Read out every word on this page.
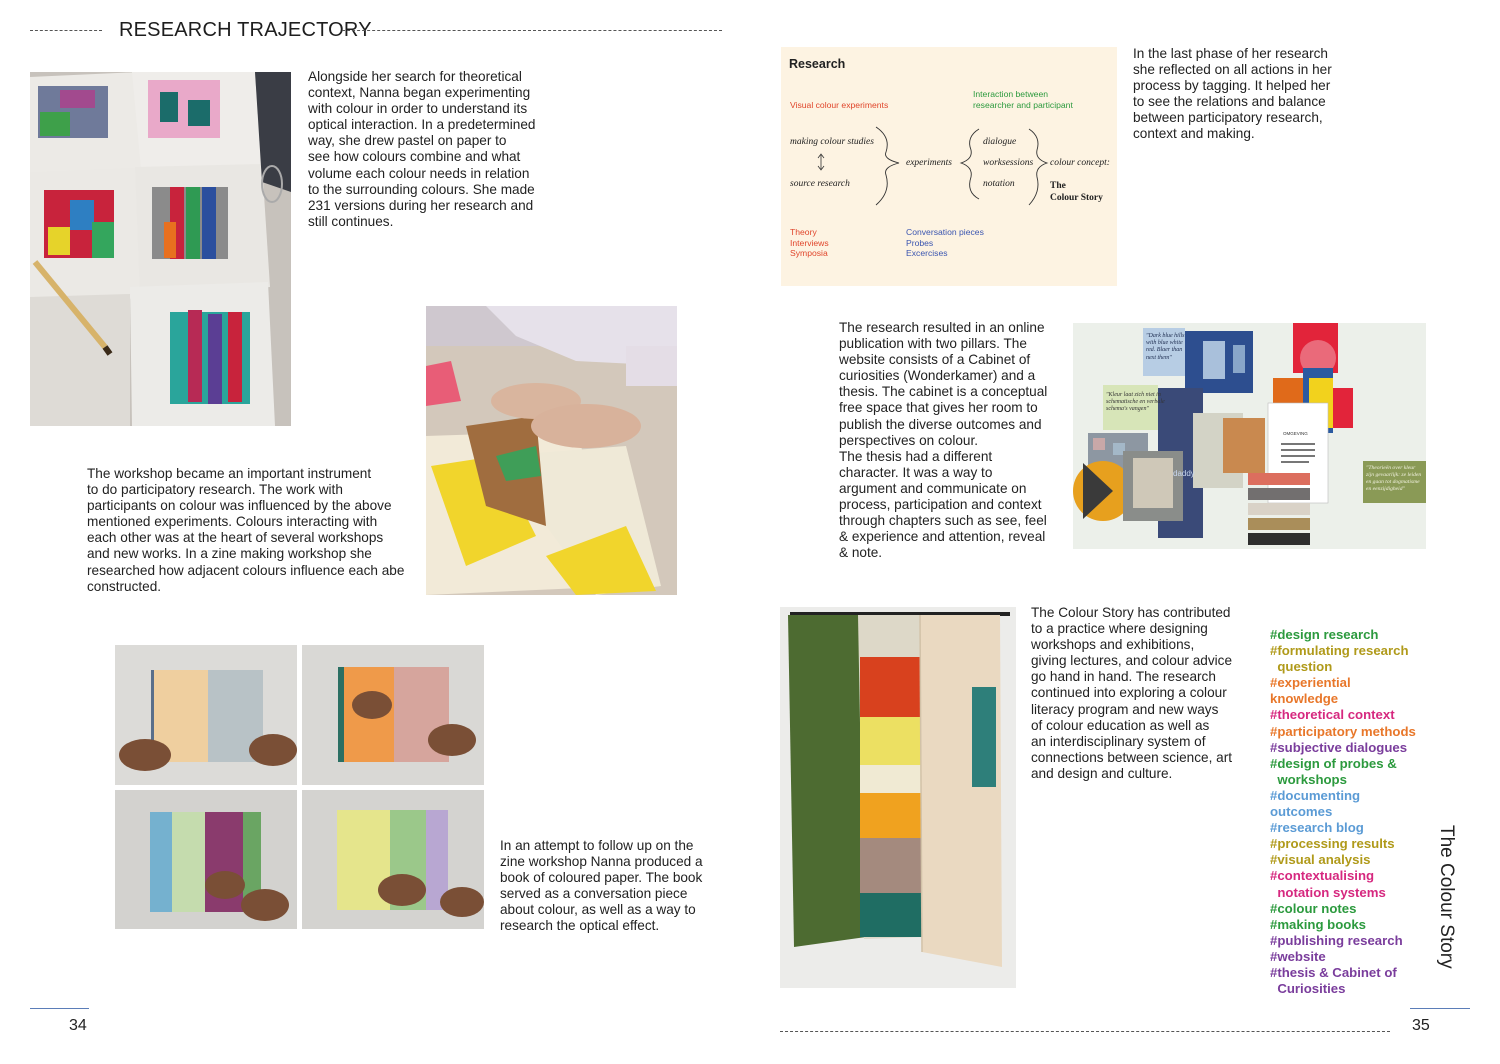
RESEARCH TRAJECTORY
Alongside her search for theoretical
context, Nanna began experimenting
with colour in order to understand its
optical interaction. In a predetermined
way, she drew pastel on paper to
see how colours combine and what
volume each colour needs in relation
to the surrounding colours. She made
231 versions during her research and
still continues.
The workshop became an important instrument
to do participatory research. The work with
participants on colour was influenced by the above
mentioned experiments. Colours interacting with
each other was at the heart of several workshops
and new works. In a zine making workshop she
researched how adjacent colours influence each abe
constructed.
In an attempt to follow up on the
zine workshop Nanna produced a
book of coloured paper. The book
served as a conversation piece
about colour, as well as a way to
research the optical effect.
34
Research
Visual colour experiments
Interaction between
researcher and participant
making colour studies
source research
experiments
dialogue
worksessions
notation
colour concept:
The
Colour Story
Theory
Interviews
Symposia
Conversation pieces
Probes
Excercises
In the last phase of her research
she reflected on all actions in her
process by tagging. It helped her
to see the relations and balance
between participatory research,
context and making.
The research resulted in an online
publication with two pillars. The
website consists of a Cabinet of
curiosities (Wonderkamer) and a
thesis. The cabinet is a conceptual
free space that gives her room to
publish the diverse outcomes and
perspectives on colour.
The thesis had a different
character. It was a way to
argument and communicate on
process, participation and context
through chapters such as see, feel
& experience and attention, reveal
& note.
"Dark blue hills
with blue white
red. Blaer than
next them"
"Kleur laat zich niet in
schematische en verbale
schema's vangen"
"Theorieën over kleur
zijn gevaarlijk: ze leiden
en gaan tot dogmatisme
en eenzijdigheid"
daddy
OMGEVING
The Colour Story has contributed
to a practice where designing
workshops and exhibitions,
giving lectures, and colour advice
go hand in hand. The research
continued into exploring a colour
literacy program and new ways
of colour education as well as
an interdisciplinary system of
connections between science, art
and design and culture.
#design research
#formulating research
question
#experiential
knowledge
#theoretical context
#participatory methods
#subjective dialogues
#design of probes &
workshops
#documenting
outcomes
#research blog
#processing results
#visual analysis
#contextualising
notation systems
#colour notes
#making books
#publishing research
#website
#thesis & Cabinet of
Curiosities
The Colour Story
35
